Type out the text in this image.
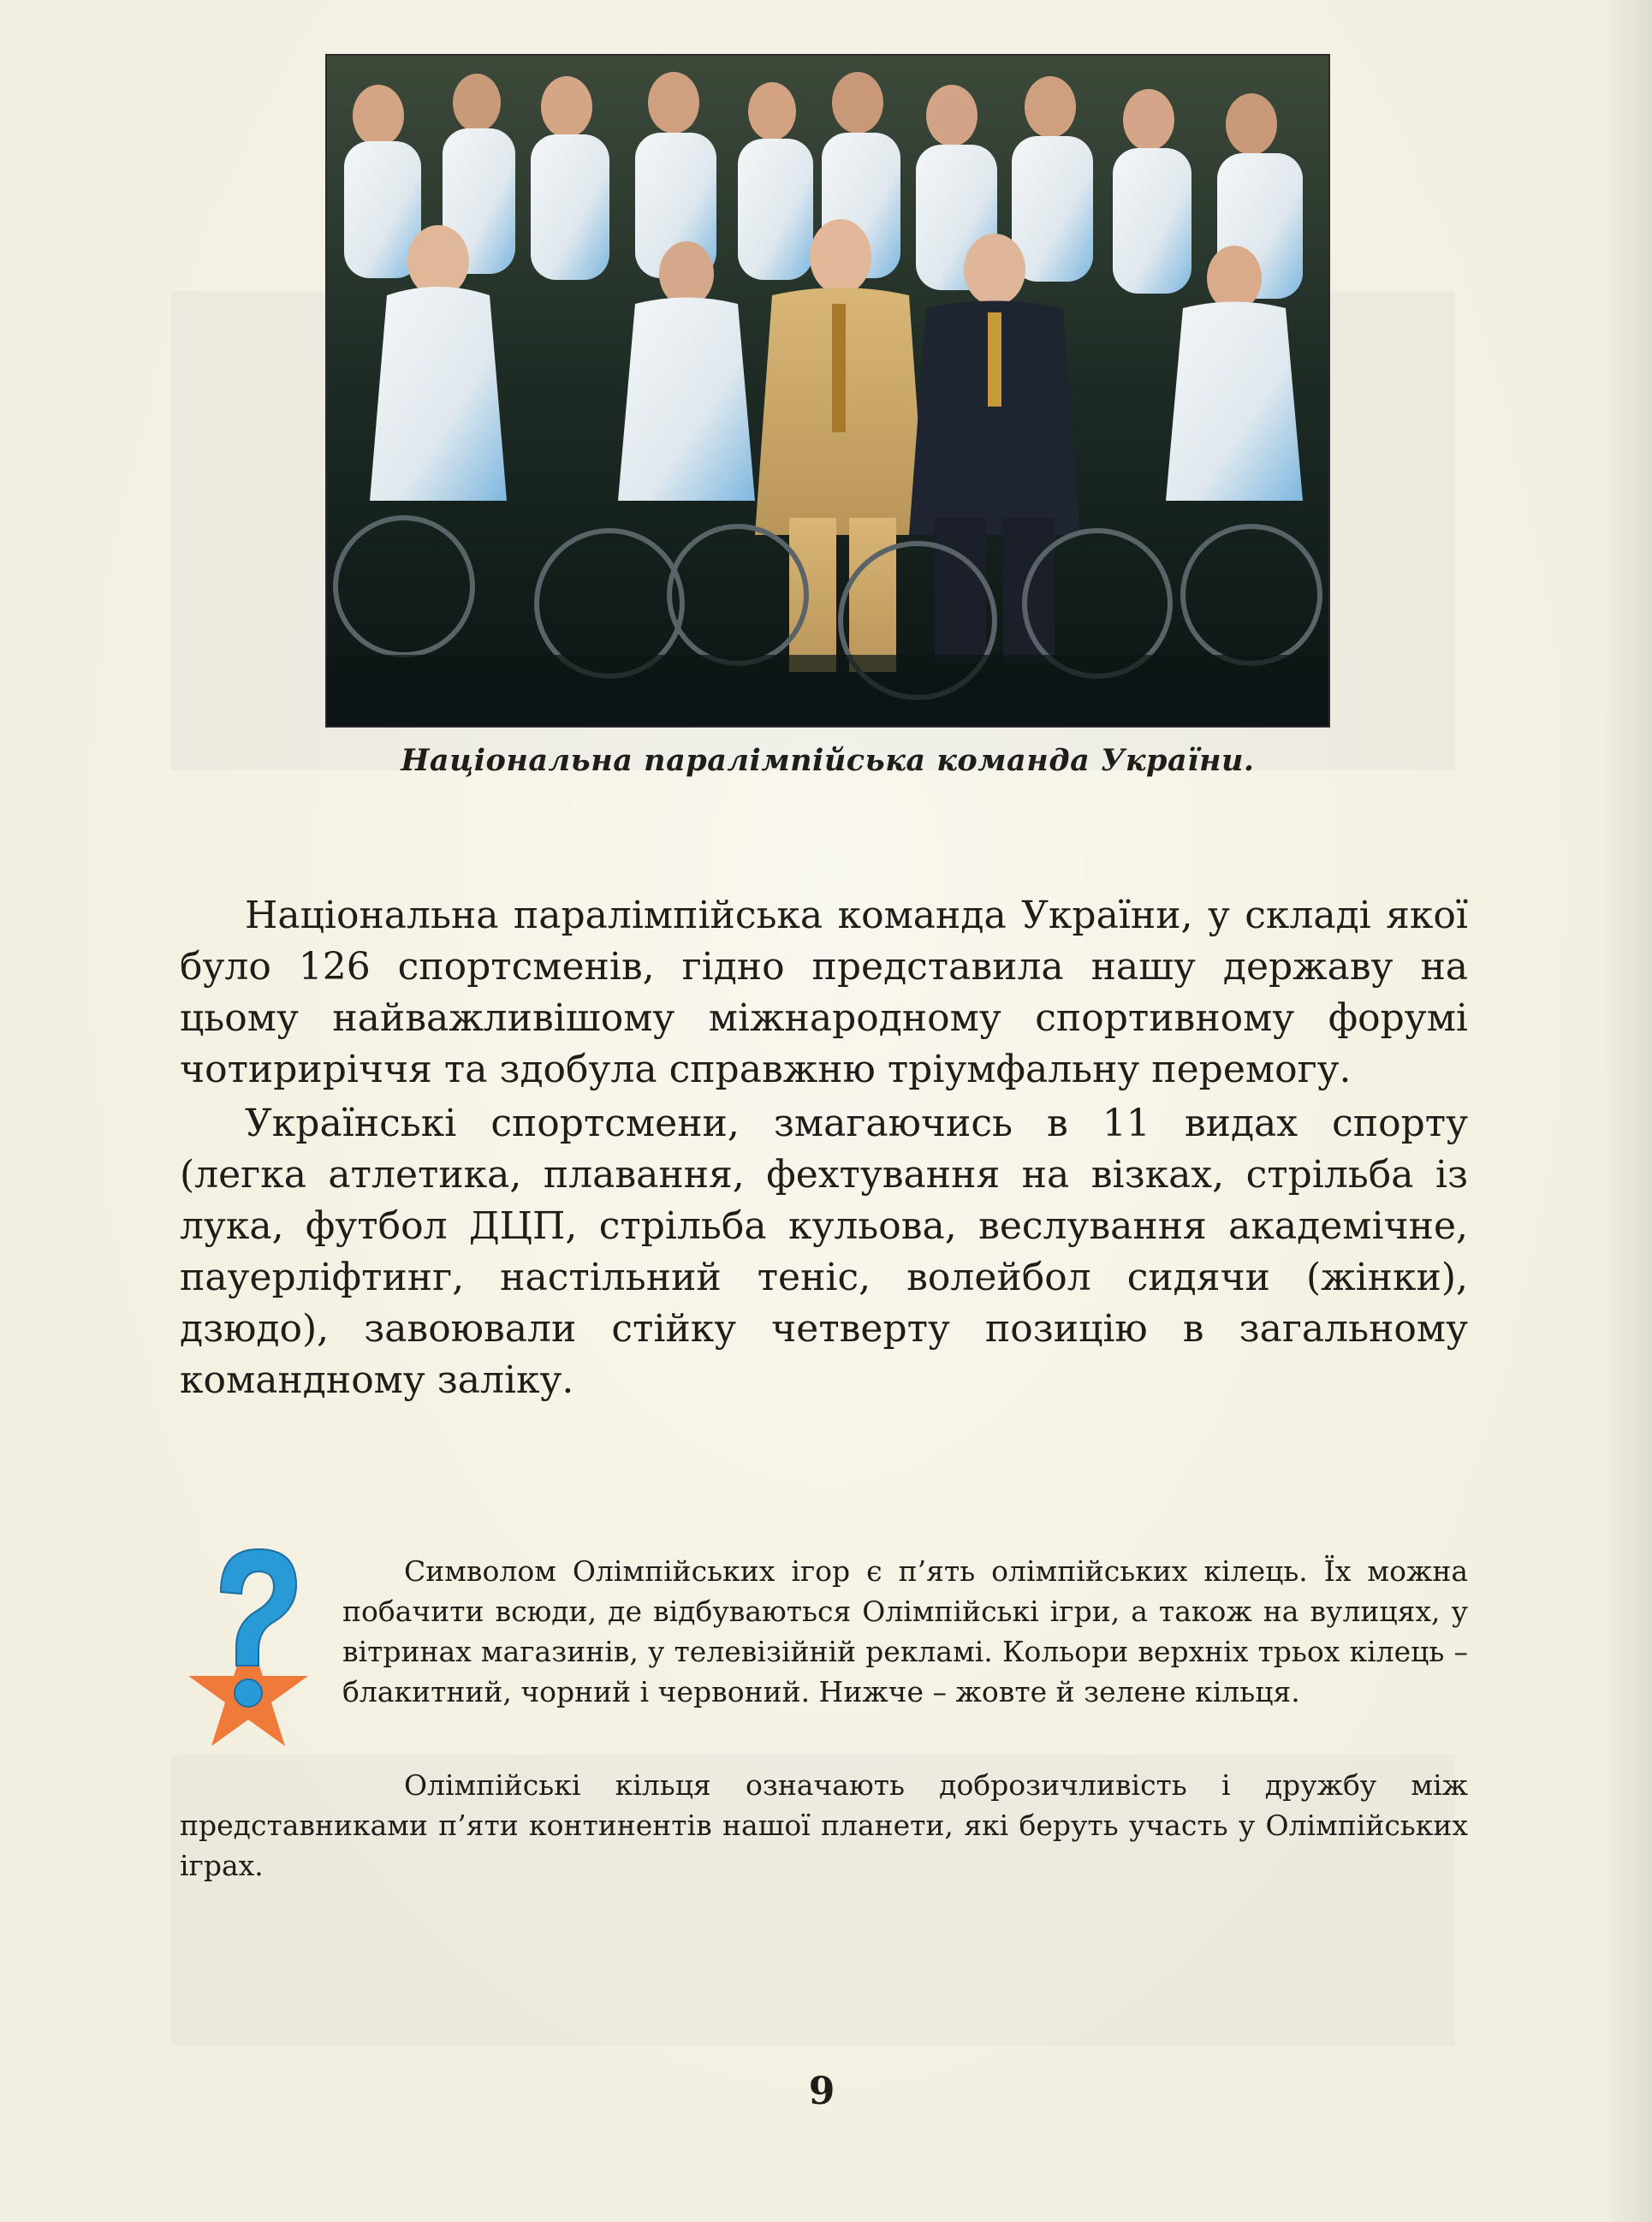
Національна паралімпійська команда України.

Національна паралімпійська команда України, у складі якої було 126 спортсменів, гідно представила нашу державу на цьому найважливішому міжнародному спортивному форумі чотириріччя та здобула справжню тріумфальну перемогу.

Українські спортсмени, змагаючись в 11 видах спорту (легка атлетика, плавання, фехтування на візках, стрільба із лука, футбол ДЦП, стрільба кульова, веслування академічне, пауерліфтинг, настільний теніс, волейбол сидячи (жінки), дзюдо), завоювали стійку четверту позицію в загальному командному заліку.

Символом Олімпійських ігор є п’ять олімпійських кілець. Їх можна побачити всюди, де відбуваються Олімпійські ігри, а також на вулицях, у вітринах магазинів, у телевізійній рекламі. Кольори верхніх трьох кілець – блакитний, чорний і червоний. Нижче – жовте й зелене кільця.

Олімпійські кільця означають доброзичливість і дружбу між представниками п’яти континентів нашої планети, які беруть участь у Олімпійських іграх.

9
